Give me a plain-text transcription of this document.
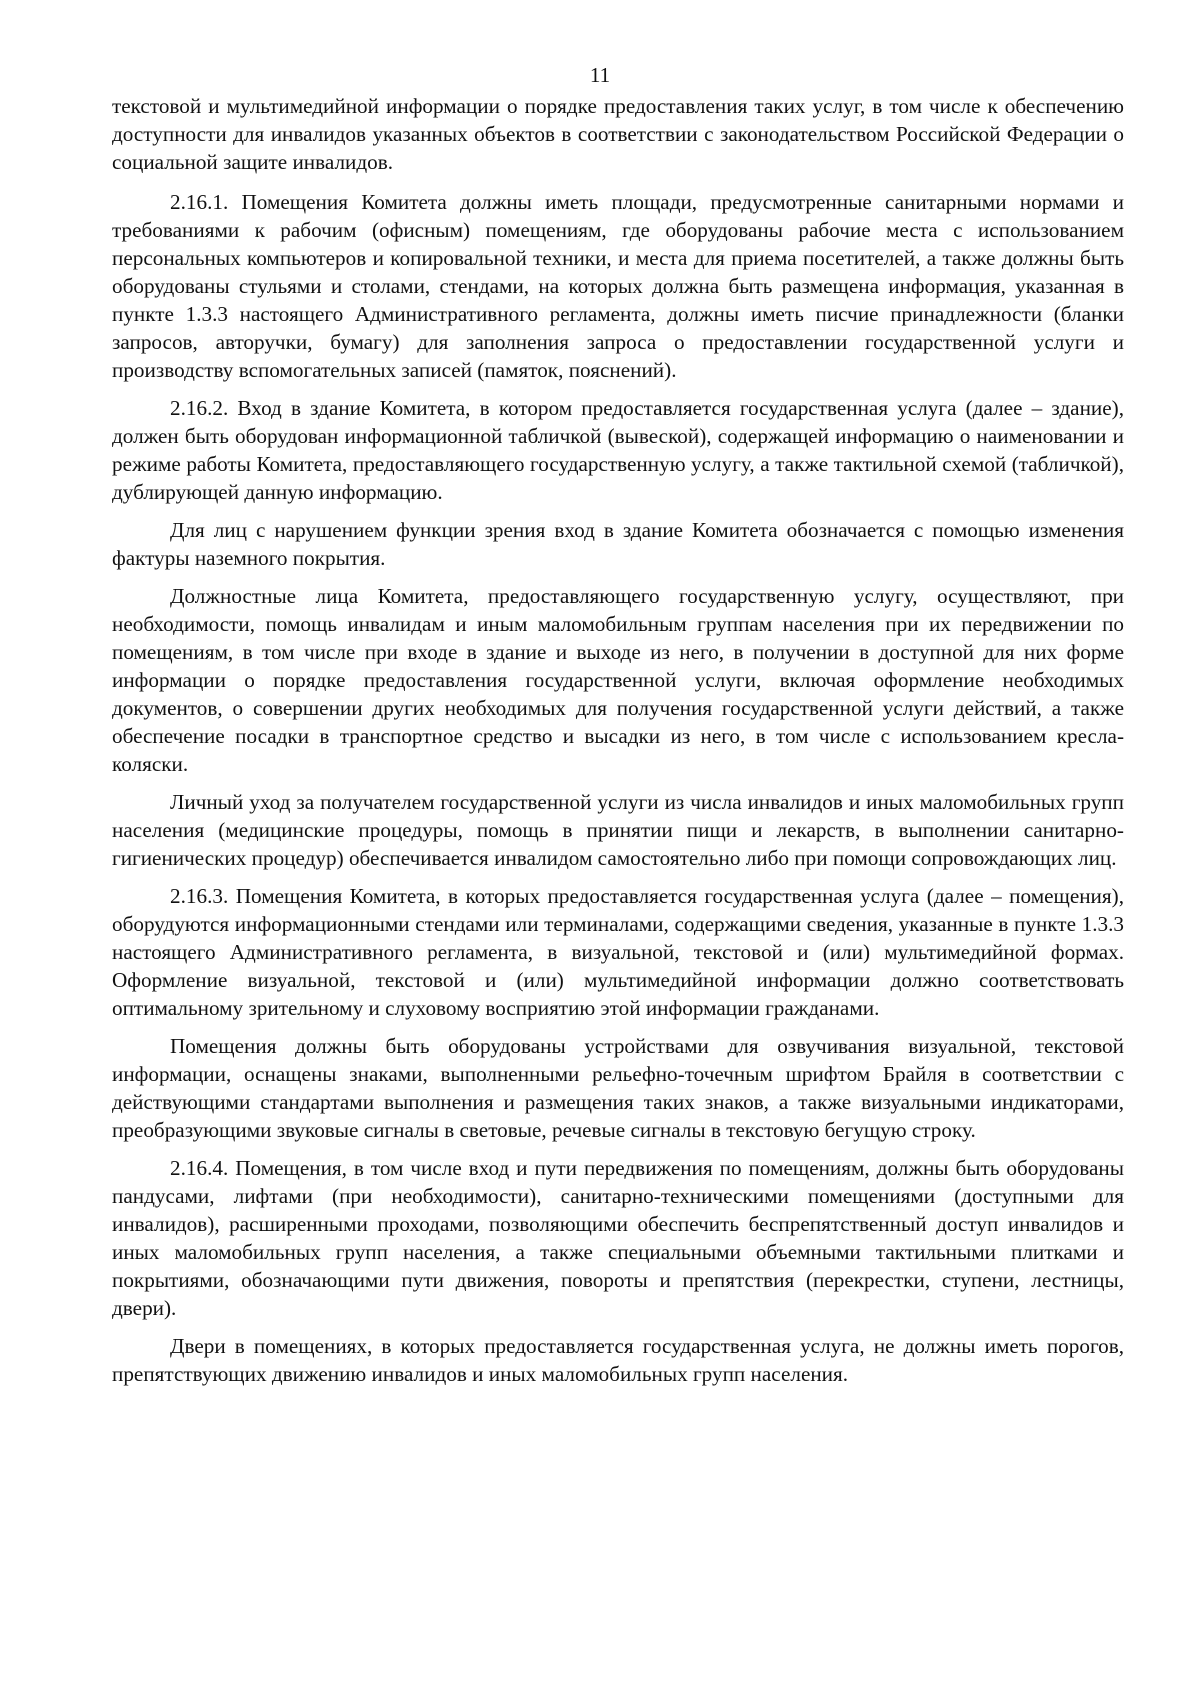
11

текстовой и мультимедийной информации о порядке предоставления таких услуг, в том числе к обеспечению доступности для инвалидов указанных объектов в соответствии с законодательством Российской Федерации о социальной защите инвалидов.

2.16.1. Помещения Комитета должны иметь площади, предусмотренные санитарными нормами и требованиями к рабочим (офисным) помещениям, где оборудованы рабочие места с использованием персональных компьютеров и копировальной техники, и места для приема посетителей, а также должны быть оборудованы стульями и столами, стендами, на которых должна быть размещена информация, указанная в пункте 1.3.3 настоящего Административного регламента, должны иметь писчие принадлежности (бланки запросов, авторучки, бумагу) для заполнения запроса о предоставлении государственной услуги и производству вспомогательных записей (памяток, пояснений).

2.16.2. Вход в здание Комитета, в котором предоставляется государственная услуга (далее – здание), должен быть оборудован информационной табличкой (вывеской), содержащей информацию о наименовании и режиме работы Комитета, предоставляющего государственную услугу, а также тактильной схемой (табличкой), дублирующей данную информацию.

Для лиц с нарушением функции зрения вход в здание Комитета обозначается с помощью изменения фактуры наземного покрытия.

Должностные лица Комитета, предоставляющего государственную услугу, осуществляют, при необходимости, помощь инвалидам и иным маломобильным группам населения при их передвижении по помещениям, в том числе при входе в здание и выходе из него, в получении в доступной для них форме информации о порядке предоставления государственной услуги, включая оформление необходимых документов, о совершении других необходимых для получения государственной услуги действий, а также обеспечение посадки в транспортное средство и высадки из него, в том числе с использованием кресла-коляски.

Личный уход за получателем государственной услуги из числа инвалидов и иных маломобильных групп населения (медицинские процедуры, помощь в принятии пищи и лекарств, в выполнении санитарно-гигиенических процедур) обеспечивается инвалидом самостоятельно либо при помощи сопровождающих лиц.

2.16.3. Помещения Комитета, в которых предоставляется государственная услуга (далее – помещения), оборудуются информационными стендами или терминалами, содержащими сведения, указанные в пункте 1.3.3 настоящего Административного регламента, в визуальной, текстовой и (или) мультимедийной формах. Оформление визуальной, текстовой и (или) мультимедийной информации должно соответствовать оптимальному зрительному и слуховому восприятию этой информации гражданами.

Помещения должны быть оборудованы устройствами для озвучивания визуальной, текстовой информации, оснащены знаками, выполненными рельефно-точечным шрифтом Брайля в соответствии с действующими стандартами выполнения и размещения таких знаков, а также визуальными индикаторами, преобразующими звуковые сигналы в световые, речевые сигналы в текстовую бегущую строку.

2.16.4. Помещения, в том числе вход и пути передвижения по помещениям, должны быть оборудованы пандусами, лифтами (при необходимости), санитарно-техническими помещениями (доступными для инвалидов), расширенными проходами, позволяющими обеспечить беспрепятственный доступ инвалидов и иных маломобильных групп населения, а также специальными объемными тактильными плитками и покрытиями, обозначающими пути движения, повороты и препятствия (перекрестки, ступени, лестницы, двери).

Двери в помещениях, в которых предоставляется государственная услуга, не должны иметь порогов, препятствующих движению инвалидов и иных маломобильных групп населения.
